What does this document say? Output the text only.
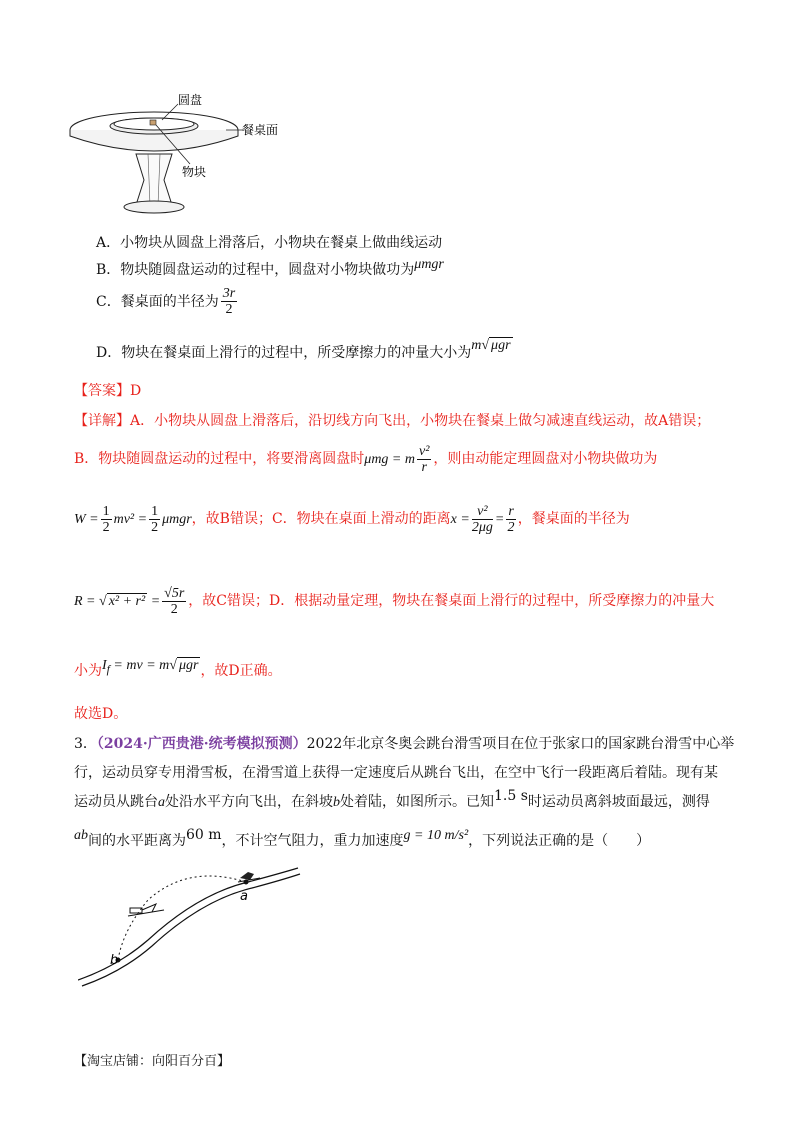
圆盘
餐桌面
物块
A．小物块从圆盘上滑落后，小物块在餐桌上做曲线运动
B．物块随圆盘运动的过程中，圆盘对小物块做功为μmgr
C．餐桌面的半径为 $\frac{3r}{2}$
D．物块在餐桌面上滑行的过程中，所受摩擦力的冲量大小为m√ μgr
【答案】D
【详解】A．小物块从圆盘上滑落后，沿切线方向飞出，小物块在餐桌上做匀减速直线运动，故A错误；
B．物块随圆盘运动的过程中，将要滑离圆盘时μmg = m $\frac{\text{v²}}{r}$ ，则由动能定理圆盘对小物块做功为
$W = \frac{1}{2} mv^2 = \frac{1}{2}$ μmgr，故B错误；C．物块在桌面上滑动的距离$x = \frac{\text{v²}}{2\mu g} = \frac{r}{2}$ ，餐桌面的半径为
R = √ $x^2 + r^2 = \frac{√5r}{2}$ ，故C错误；D．根据动量定理，物块在餐桌面上滑行的过程中，所受摩擦力的冲量大
小为$I_f$ = mv = m√ μgr ，故D正确。
故选D。
3．（2024·广西贵港·统考模拟预测）2022年北京冬奥会跳台滑雪项目在位于张家口的国家跳台滑雪中心举
行，运动员穿专用滑雪板，在滑雪道上获得一定速度后从跳台飞出，在空中飞行一段距离后着陆。现有某
运动员从跳台a处沿水平方向飞出，在斜坡b处着陆，如图所示。已知1.5 s时运动员离斜坡面最远，测得
ab间的水平距离为60 m，不计空气阻力，重力加速度g = 10 m/s²，下列说法正确的是（　　）
a
b
【淘宝店铺：向阳百分百】
